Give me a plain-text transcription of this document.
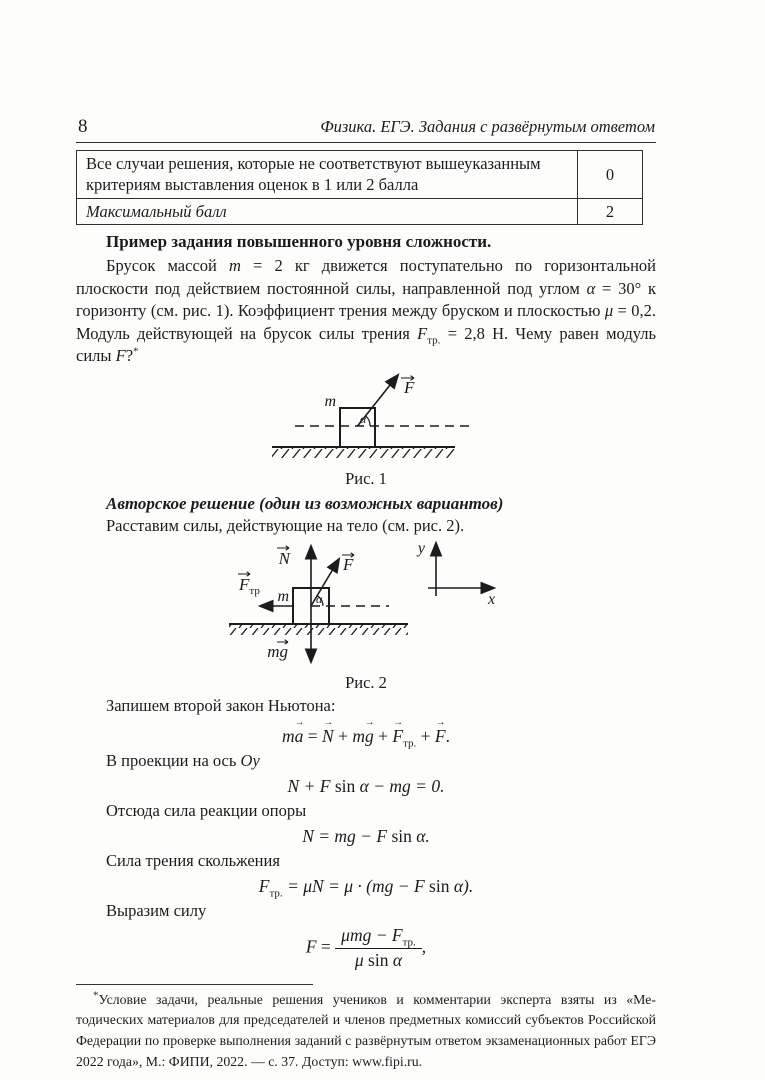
8	Физика. ЕГЭ. Задания с развёрнутым ответом
Все случаи решения, которые не соответствуют вышеуказанным критериям выставления оценок в 1 или 2 балла	0
Максимальный балл	2

Пример задания повышенного уровня сложности.

Брусок массой m = 2 кг движется поступательно по горизонтальной плоскости под действием постоянной силы, направленной под углом α = 30° к горизонту (см. рис. 1). Коэффициент трения между бруском и плоскостью μ = 0,2. Модуль действующей на брусок силы трения $F_{тр.} = 2,8$ Н. Чему равен модуль силы F?*

m
α
F

Рис. 1

Авторское решение (один из возможных вариантов)

Расставим силы, действующие на тело (см. рис. 2).

N	F
$F_{тр}$ m α
mg
y
x

Рис. 2

Запишем второй закон Ньютона:

ma → = N → + mg → + $F \to_{тр.} + F$ →.

В проекции на ось Oy

N + F sin α − mg = 0.

Отсюда сила реакции опоры

N = mg − F sin α.

Сила трения скольжения

$F_{тр.} = \mu N = \mu \cdot (mg - F$ sin α).

Выразим силу

$F = \frac{\mu mg - F_{тр.}}{\text{μ sin α}}$ ,

*Условие задачи, реальные решения учеников и комментарии эксперта взяты из «Методических материалов для председателей и членов предметных комиссий субъектов Российской Федерации по проверке выполнения заданий с развёрнутым ответом экзаменационных работ ЕГЭ 2022 года», М.: ФИПИ, 2022. — с. 37. Доступ: www.fipi.ru.
